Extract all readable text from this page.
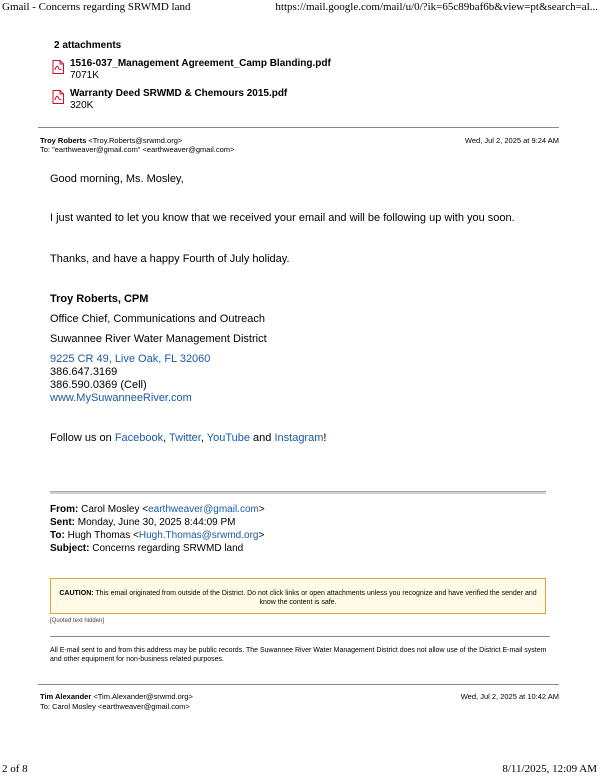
Gmail - Concerns regarding SRWMD land	https://mail.google.com/mail/u/0/?ik=65c89baf6b&view=pt&search=al...
2 attachments
1516-037_Management Agreement_Camp Blanding.pdf
7071K
Warranty Deed SRWMD & Chemours 2015.pdf
320K
Troy Roberts <Troy.Roberts@srwmd.org>	Wed, Jul 2, 2025 at 9:24 AM
To: "earthweaver@gmail.com" <earthweaver@gmail.com>
Good morning, Ms. Mosley,
I just wanted to let you know that we received your email and will be following up with you soon.
Thanks, and have a happy Fourth of July holiday.
Troy Roberts, CPM
Office Chief, Communications and Outreach
Suwannee River Water Management District
9225 CR 49, Live Oak, FL 32060
386.647.3169
386.590.0369 (Cell)
www.MySuwanneeRiver.com
Follow us on Facebook, Twitter, YouTube and Instagram!
From: Carol Mosley <earthweaver@gmail.com>
Sent: Monday, June 30, 2025 8:44:09 PM
To: Hugh Thomas <Hugh.Thomas@srwmd.org>
Subject: Concerns regarding SRWMD land
CAUTION: This email originated from outside of the District. Do not click links or open attachments unless you recognize and have verified the sender and know the content is safe.
[Quoted text hidden]
All E-mail sent to and from this address may be public records. The Suwannee River Water Management District does not allow use of the District E-mail system and other equipment for non-business related purposes.
Tim Alexander <Tim.Alexander@srwmd.org>	Wed, Jul 2, 2025 at 10:42 AM
To: Carol Mosley <earthweaver@gmail.com>
2 of 8	8/11/2025, 12:09 AM
